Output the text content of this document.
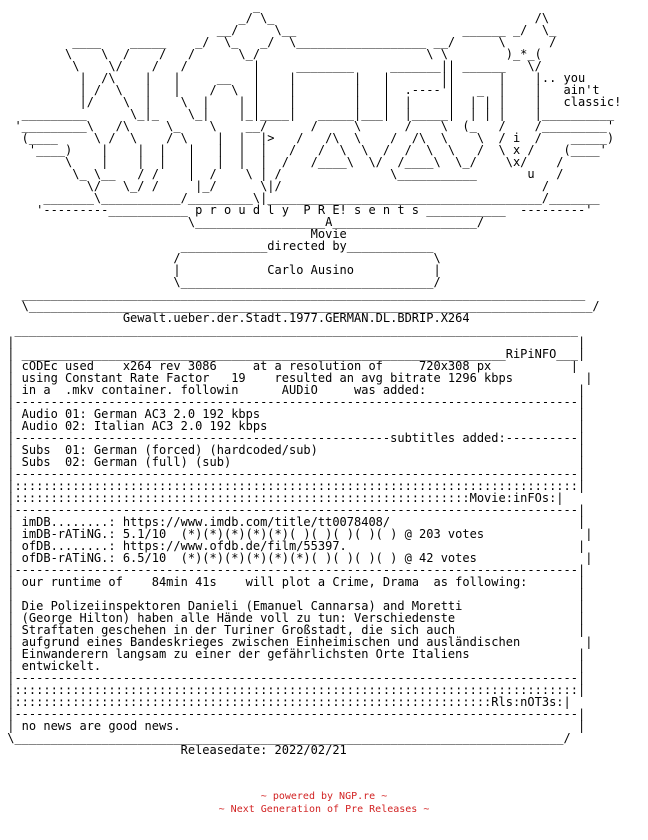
_
_/ \_                                    /\
__/     \__                       ______ _/  \_
____    _____    _/  \_   _/  \__________________ __/      \      /
\    \  /    /   /      \_/                       \ \        )_*_(
\    \/    /   /         |     ________     _______|| ______   \/
|  /\    |   |     __   |    |        |   |       ||      |    |.. you
| /  \   |   |    /  \  |    |        |   |  .----'|   _  |    |   ain't
|/    \  |    \  |    | |    |        |   |  |     |  | | |    |   classic!
_________      \_|_    \_|    |_|____|   _____|___|  |_____|  | | |    |__________
'_________\   /\     \_    \    __/      /     \      /    \  (_   /    /_________'
(____     \ /  \    / \    |  |  |>   /   /\  \    /  /\  \    \  / i  /    _____)
'____)    |    |  |   |   |  |  |   /   /  \  \  /  /  \  \   /  \ x /    (____'
\    |    |  |   |   |  |  |  /   /____\  \/  /____\  \_/    \x/    /
\_ \__   / /    |  /    \ | /               \___________       u   /
\/   \_/ /     |_/      \|/                                    /
_______\___________/_________\|______________________________________/_______
'---------___________ p r o u d l y  P R E! s e n t s ___________  ---------'
\__________________A____________________/
Movie
____________directed by____________
/                                   \
|            Carlo Ausino           |
\___________________________________/
______________________________________________________________________________
\______________________________________________________________________________/
Gewalt.ueber.der.Stadt.1977.GERMAN.DL.BDRIP.X264
______________________________________________________________________________
|                                                                              |
| ___________________________________________________________________RiPiNFO___|
| cODEc used    x264 rev 3086     at a resolution of     720x308 px           |
| using Constant Rate Factor   19    resulted an avg bitrate 1296 kbps          |
| in a  .mkv container. followin      AUDiO     was added:                     |
|------------------------------------------------------------------------------|
| Audio 01: German AC3 2.0 192 kbps                                            |
| Audio 02: Italian AC3 2.0 192 kbps                                           |
|----------------------------------------------------subtitles added:----------|
| Subs  01: German (forced) (hardcoded/sub)                                    |
| Subs  02: German (full) (sub)                                                |
|------------------------------------------------------------------------------|
|::::::::::::::::::::::::::::::::::::::::::::::::::::::::::::::::::::::::::::::|
|:::::::::::::::::::::::::::::::::::::::::::::::::::::::::::::::Movie:inFOs:|
|------------------------------------------------------------------------------|
| imDB........: https://www.imdb.com/title/tt0078408/                          |
| imDB-rATiNG.: 5.1/10  (*)(*)(*)(*)(*)( )( )( )( )( ) @ 203 votes              |
| ofDB........: https://www.ofdb.de/film/55397.                                |
| ofDB-rATiNG.: 6.5/10  (*)(*)(*)(*)(*)(*)( )( )( )( ) @ 42 votes               |
|------------------------------------------------------------------------------|
| our runtime of    84min 41s    will plot a Crime, Drama  as following:       |
|                                                                              |
| Die Polizeiinspektoren Danieli (Emanuel Cannarsa) and Moretti                |
| (George Hilton) haben alle Hände voll zu tun: Verschiedenste                 |
| Straftaten geschehen in der Turiner Großstadt, die sich auch                 |
| aufgrund eines Bandeskrieges zwischen Einheimischen und ausländischen         |
| Einwanderern langsam zu einer der gefährlichsten Orte Italiens               |
| entwickelt.                                                                  |
|------------------------------------------------------------------------------|
|::::::::::::::::::::::::::::::::::::::::::::::::::::::::::::::::::::::::::::::|
|::::::::::::::::::::::::::::::::::::::::::::::::::::::::::::::::::Rls:nOT3s:|
|------------------------------------------------------------------------------|
| no news are good news.                                                       |
\____________________________________________________________________________/
Releasedate: 2022/02/21
~ powered by NGP.re ~
~ Next Generation of Pre Releases ~
